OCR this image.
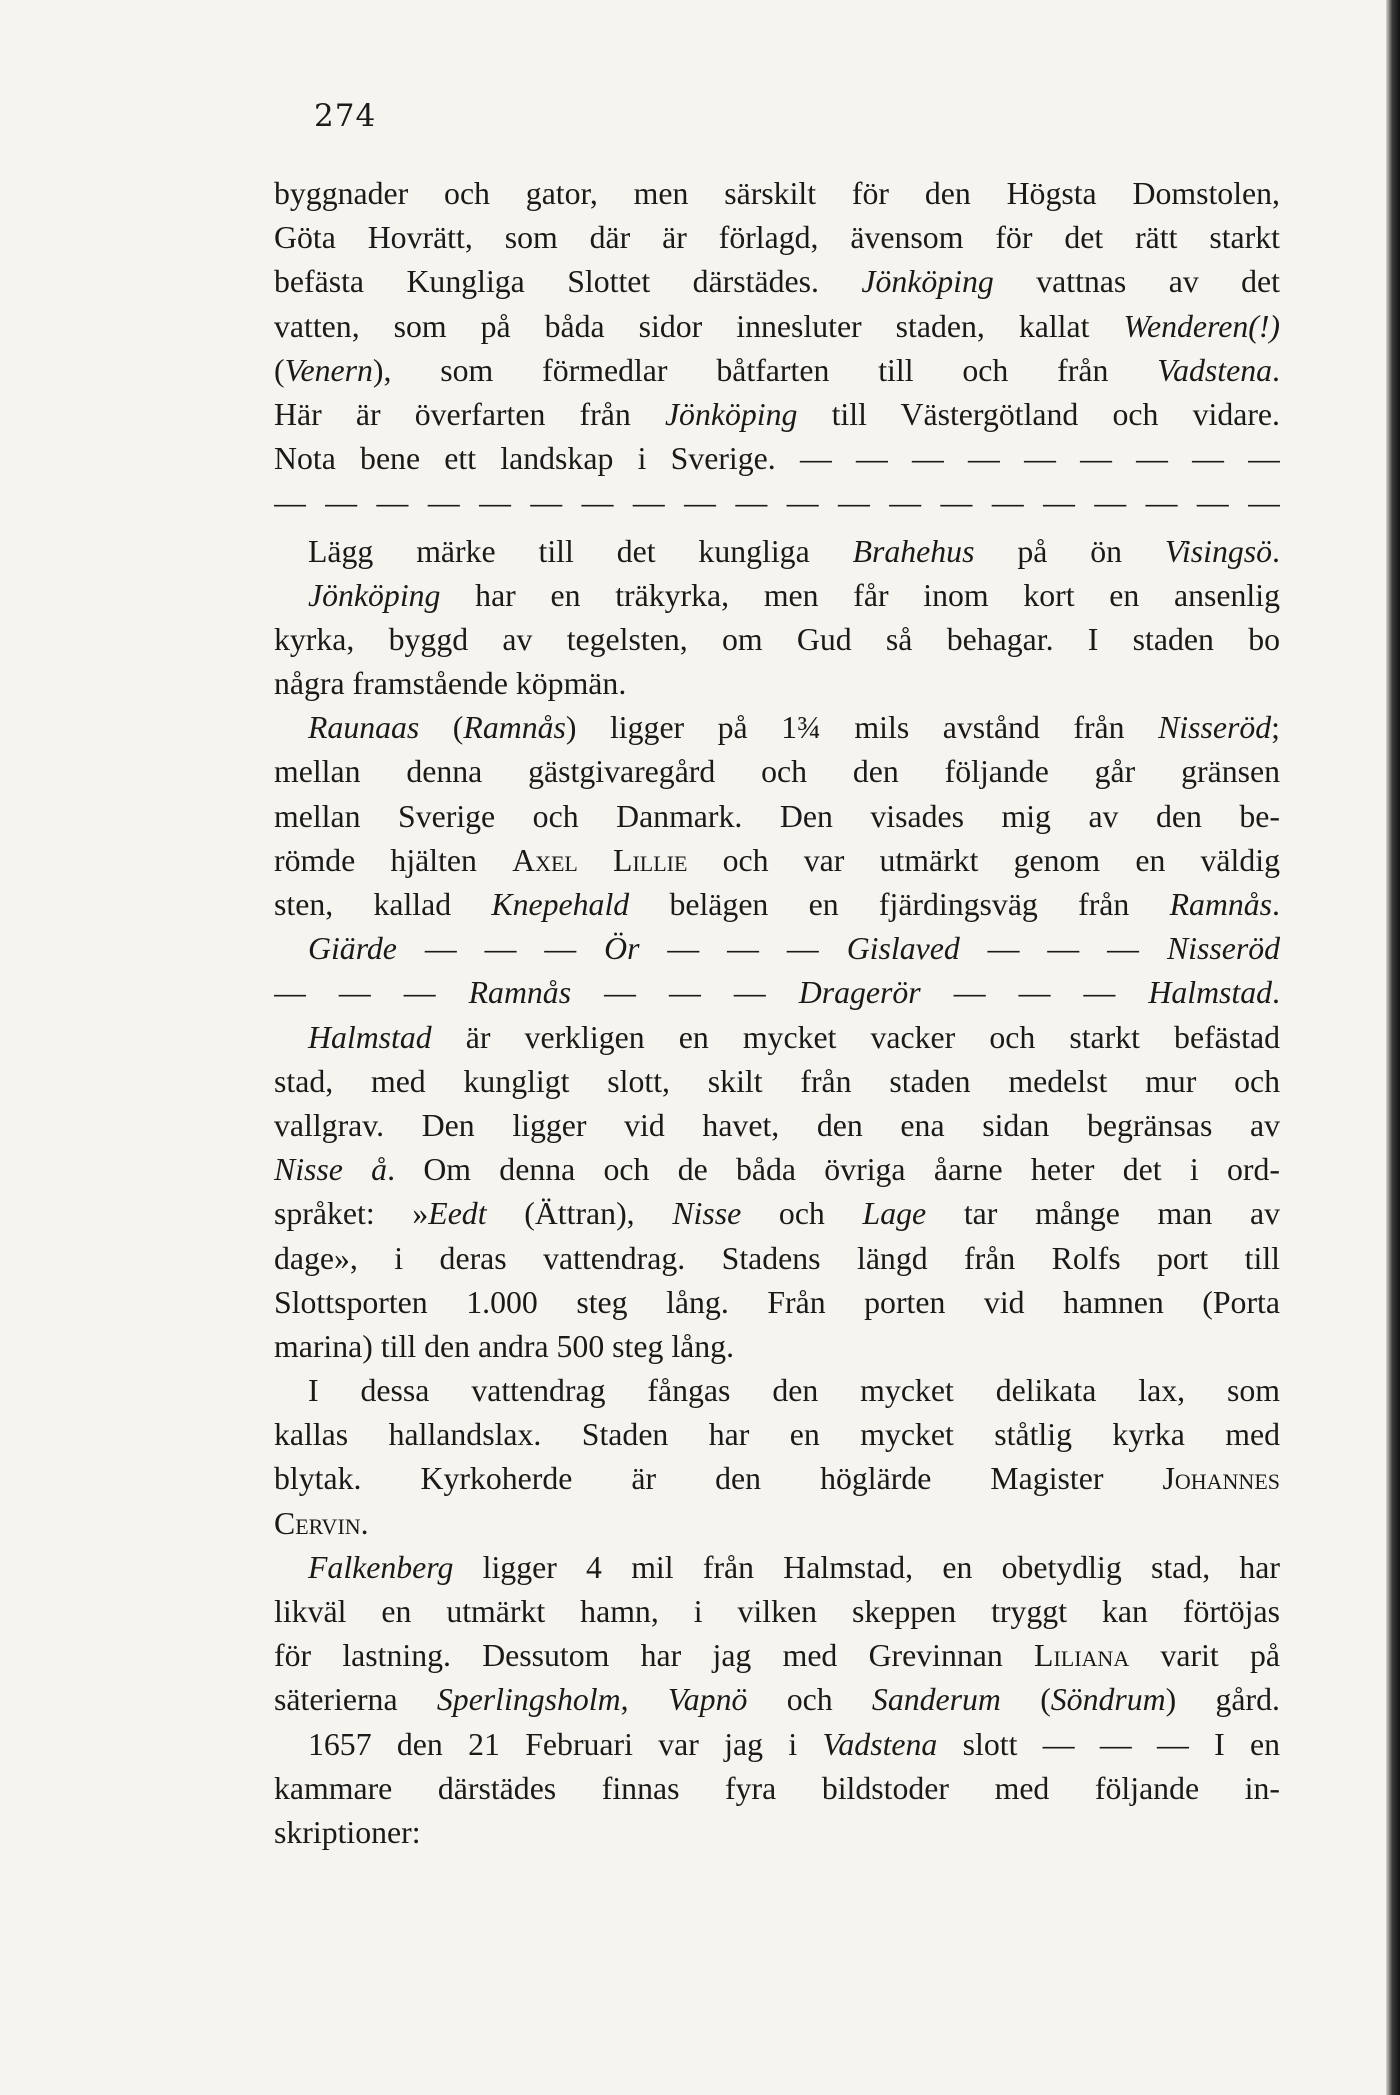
274
byggnader och gator, men särskilt för den Högsta Domstolen,
Göta Hovrätt, som där är förlagd, ävensom för det rätt starkt
befästa Kungliga Slottet därstädes. Jönköping vattnas av det
vatten, som på båda sidor innesluter staden, kallat Wenderen(!)
(Venern), som förmedlar båtfarten till och från Vadstena.
Här är överfarten från Jönköping till Västergötland och vidare.
Nota bene ett landskap i Sverige. — — — — — — — — —
— — — — — — — — — — — — — — — — — — — —
Lägg märke till det kungliga Brahehus på ön Visingsö.
Jönköping har en träkyrka, men får inom kort en ansenlig
kyrka, byggd av tegelsten, om Gud så behagar. I staden bo
några framstående köpmän.
Raunaas (Ramnås) ligger på 1¾ mils avstånd från Nisseröd;
mellan denna gästgivaregård och den följande går gränsen
mellan Sverige och Danmark. Den visades mig av den be-
römde hjälten Axel Lillie och var utmärkt genom en väldig
sten, kallad Knepehald belägen en fjärdingsväg från Ramnås.
Giärde — — — Ör — — — Gislaved — — — Nisseröd
— — — Ramnås — — — Dragerör — — — Halmstad.
Halmstad är verkligen en mycket vacker och starkt befästad
stad, med kungligt slott, skilt från staden medelst mur och
vallgrav. Den ligger vid havet, den ena sidan begränsas av
Nisse å. Om denna och de båda övriga åarne heter det i ord-
språket: »Eedt (Ättran), Nisse och Lage tar månge man av
dage», i deras vattendrag. Stadens längd från Rolfs port till
Slottsporten 1.000 steg lång. Från porten vid hamnen (Porta
marina) till den andra 500 steg lång.
I dessa vattendrag fångas den mycket delikata lax, som
kallas hallandslax. Staden har en mycket ståtlig kyrka med
blytak. Kyrkoherde är den höglärde Magister Johannes
Cervin.
Falkenberg ligger 4 mil från Halmstad, en obetydlig stad, har
likväl en utmärkt hamn, i vilken skeppen tryggt kan förtöjas
för lastning. Dessutom har jag med Grevinnan Liliana varit på
säterierna Sperlingsholm, Vapnö och Sanderum (Söndrum) gård.
1657 den 21 Februari var jag i Vadstena slott — — — I en
kammare därstädes finnas fyra bildstoder med följande in-
skriptioner:
